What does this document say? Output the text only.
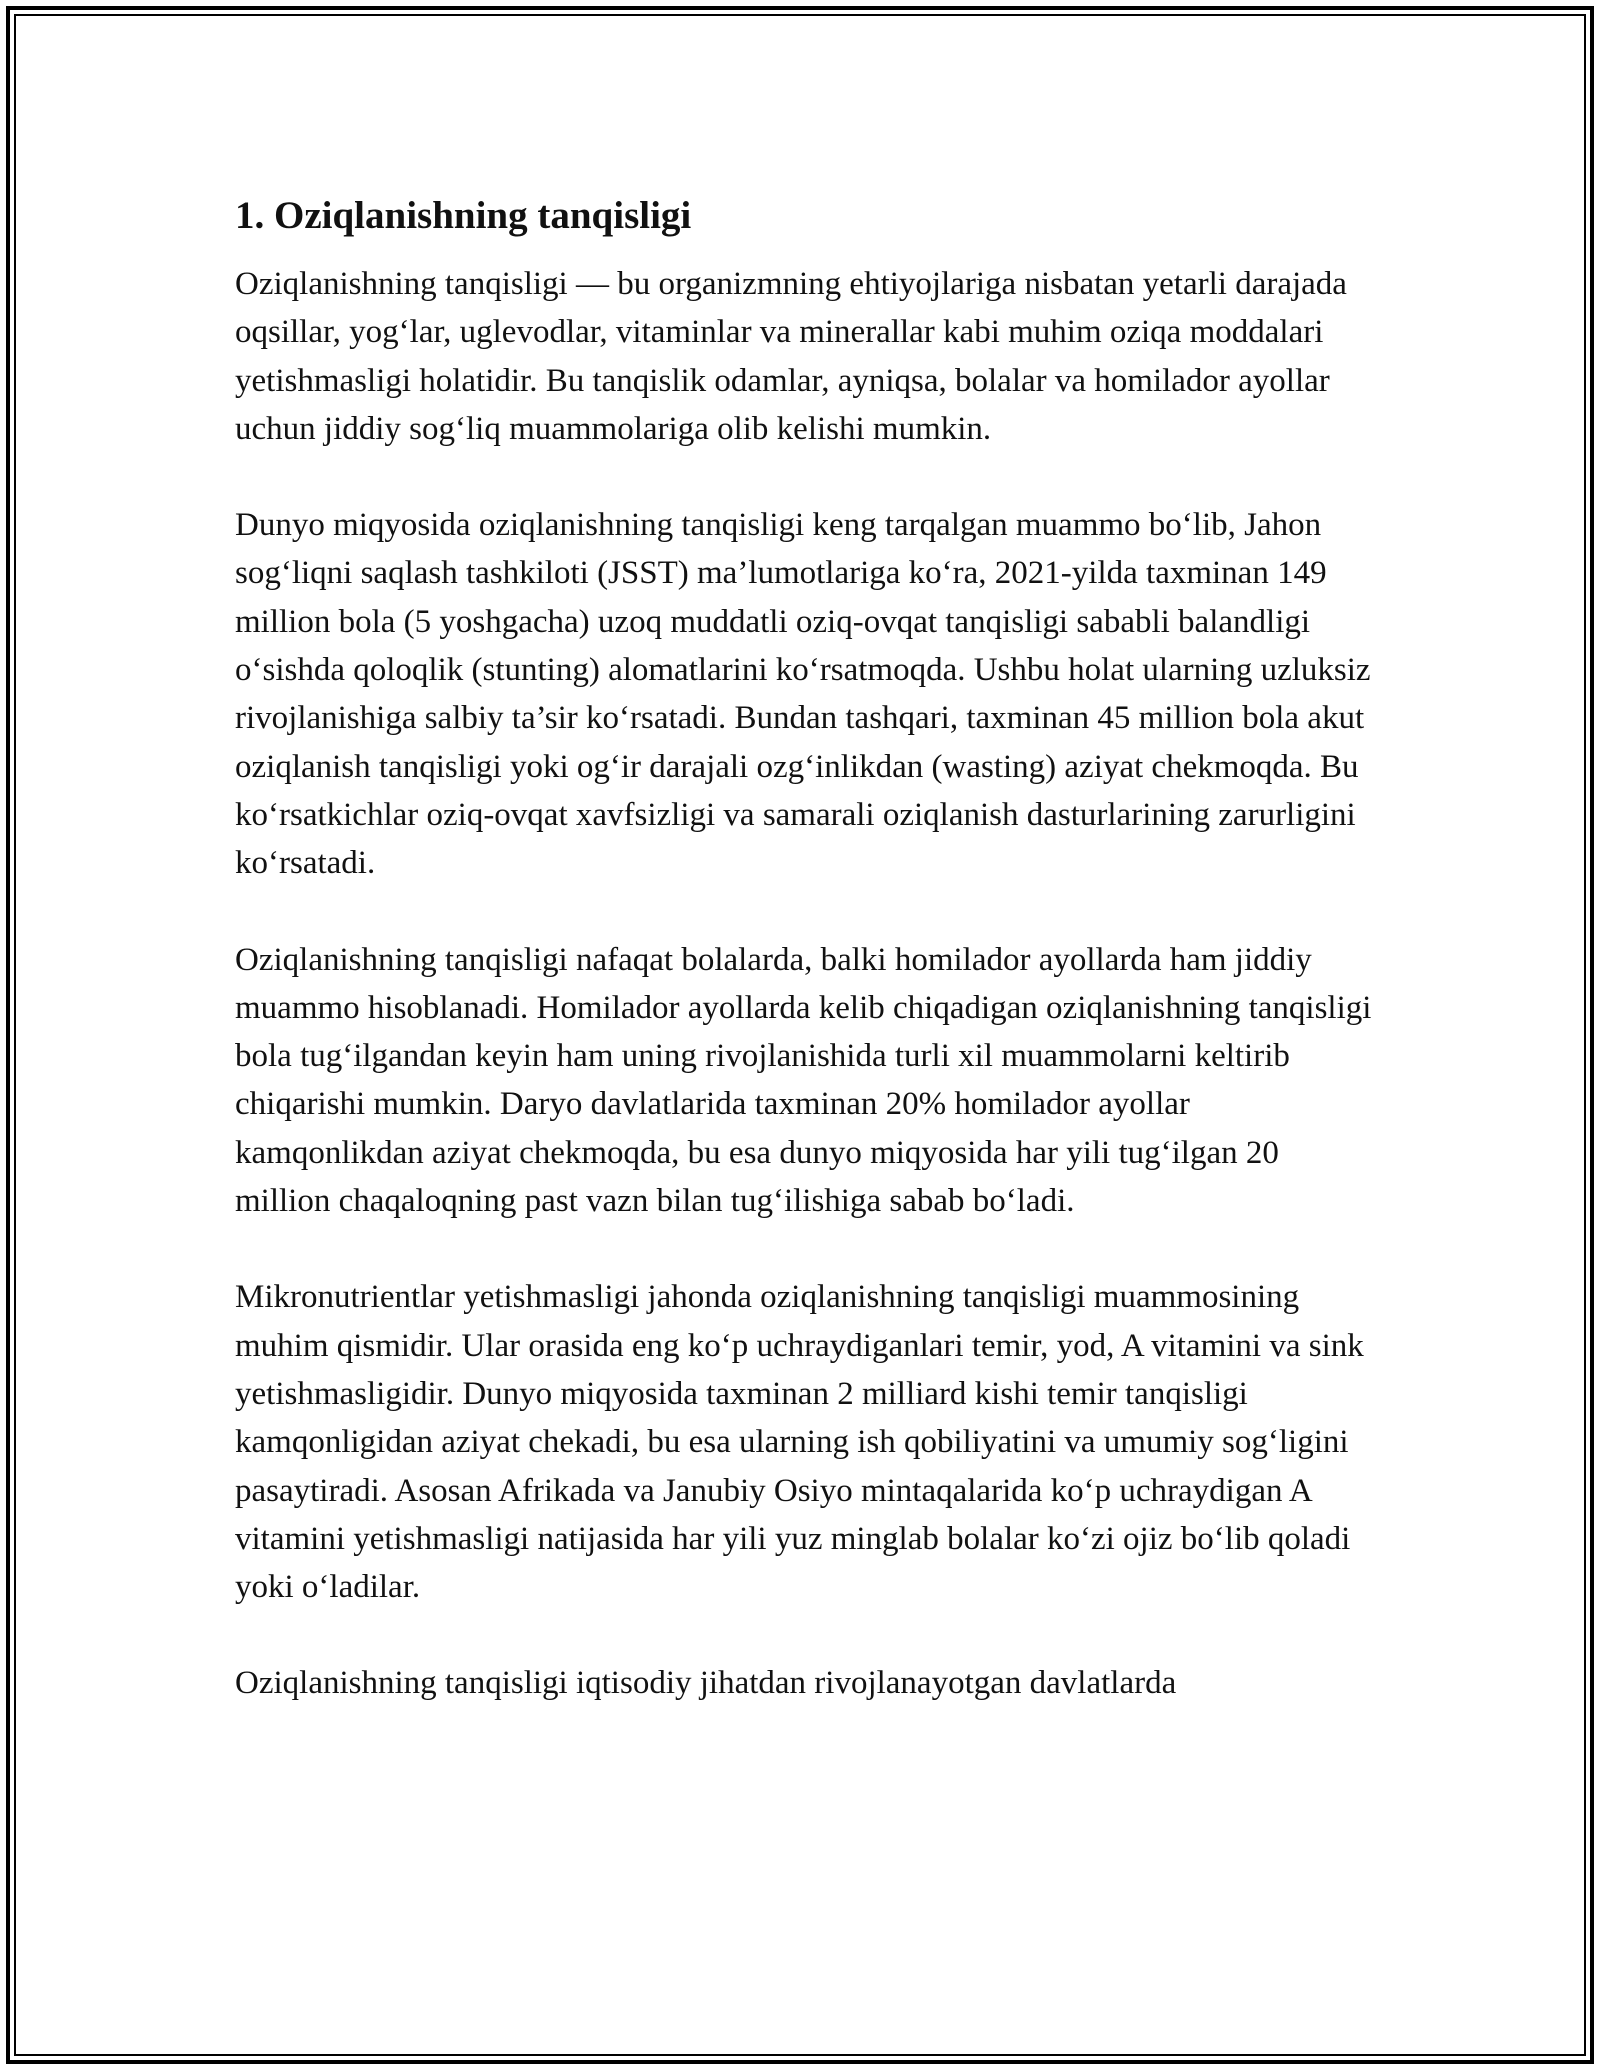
1. Oziqlanishning tanqisligi

Oziqlanishning tanqisligi — bu organizmning ehtiyojlariga nisbatan yetarli darajada oqsillar, yog‘lar, uglevodlar, vitaminlar va minerallar kabi muhim oziqa moddalari yetishmasligi holatidir. Bu tanqislik odamlar, ayniqsa, bolalar va homilador ayollar uchun jiddiy sog‘liq muammolariga olib kelishi mumkin.

Dunyo miqyosida oziqlanishning tanqisligi keng tarqalgan muammo bo‘lib, Jahon sog‘liqni saqlash tashkiloti (JSST) ma’lumotlariga ko‘ra, 2021-yilda taxminan 149 million bola (5 yoshgacha) uzoq muddatli oziq-ovqat tanqisligi sababli balandligi o‘sishda qoloqlik (stunting) alomatlarini ko‘rsatmoqda. Ushbu holat ularning uzluksiz rivojlanishiga salbiy ta’sir ko‘rsatadi. Bundan tashqari, taxminan 45 million bola akut oziqlanish tanqisligi yoki og‘ir darajali ozg‘inlikdan (wasting) aziyat chekmoqda. Bu ko‘rsatkichlar oziq-ovqat xavfsizligi va samarali oziqlanish dasturlarining zarurligini ko‘rsatadi.

Oziqlanishning tanqisligi nafaqat bolalarda, balki homilador ayollarda ham jiddiy muammo hisoblanadi. Homilador ayollarda kelib chiqadigan oziqlanishning tanqisligi bola tug‘ilgandan keyin ham uning rivojlanishida turli xil muammolarni keltirib chiqarishi mumkin. Daryo davlatlarida taxminan 20% homilador ayollar kamqonlikdan aziyat chekmoqda, bu esa dunyo miqyosida har yili tug‘ilgan 20 million chaqaloqning past vazn bilan tug‘ilishiga sabab bo‘ladi.

Mikronutrientlar yetishmasligi jahonda oziqlanishning tanqisligi muammosining muhim qismidir. Ular orasida eng ko‘p uchraydiganlari temir, yod, A vitamini va sink yetishmasligidir. Dunyo miqyosida taxminan 2 milliard kishi temir tanqisligi kamqonligidan aziyat chekadi, bu esa ularning ish qobiliyatini va umumiy sog‘ligini pasaytiradi. Asosan Afrikada va Janubiy Osiyo mintaqalarida ko‘p uchraydigan A vitamini yetishmasligi natijasida har yili yuz minglab bolalar ko‘zi ojiz bo‘lib qoladi yoki o‘ladilar.

Oziqlanishning tanqisligi iqtisodiy jihatdan rivojlanayotgan davlatlarda
